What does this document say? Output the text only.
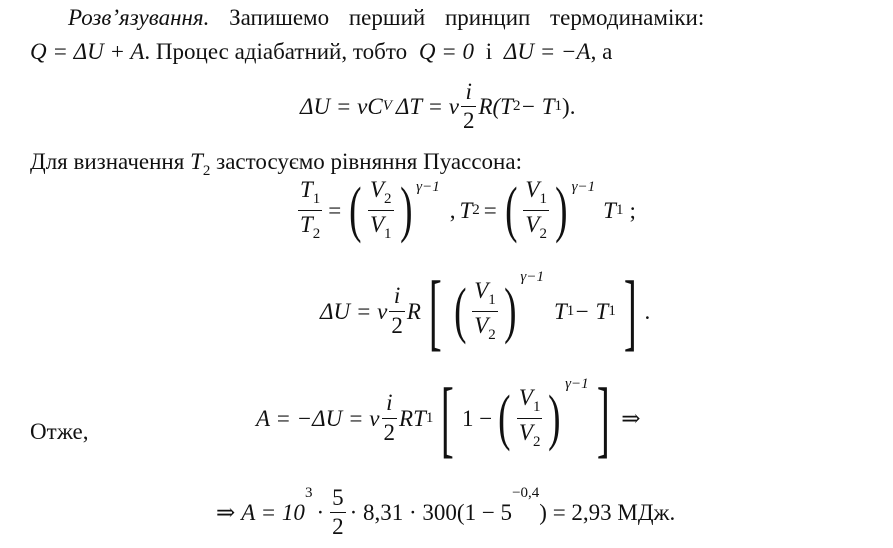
Розв’язування. Запишемо перший принцип термодинаміки:
Q = ΔU + A. Процес адіабатний, тобто Q = 0 і ΔU = −A, а
ΔU = νC V ΔT = ν $\frac{i}{2} R(T$ 2 − T 1 ).
Для визначення $T_2$ застосуємо рівняння Пуассона:
$\frac{T_1}{T_2}$ = ( $\frac{V_2}{V_1}$ ) γ−1
, T 2 = ( $\frac{V_1}{V_2}$ ) γ−1
T 1 ;
ΔU = ν $\frac{i}{2}$ R [ ( $\frac{V_1}{V_2}$ ) γ−1
T 1 − T 1 ] .
Отже,
A = −ΔU = ν $\frac{i}{2}$ RT 1 [ 1 − ( $\frac{V_1}{V_2}$ ) γ−1 ] ⇒
⇒ A = 10
3
· $\frac{5}{2} \cdot 8,31 \cdot 300(1 - 5$
−0,4
) = 2,93 МДж.
